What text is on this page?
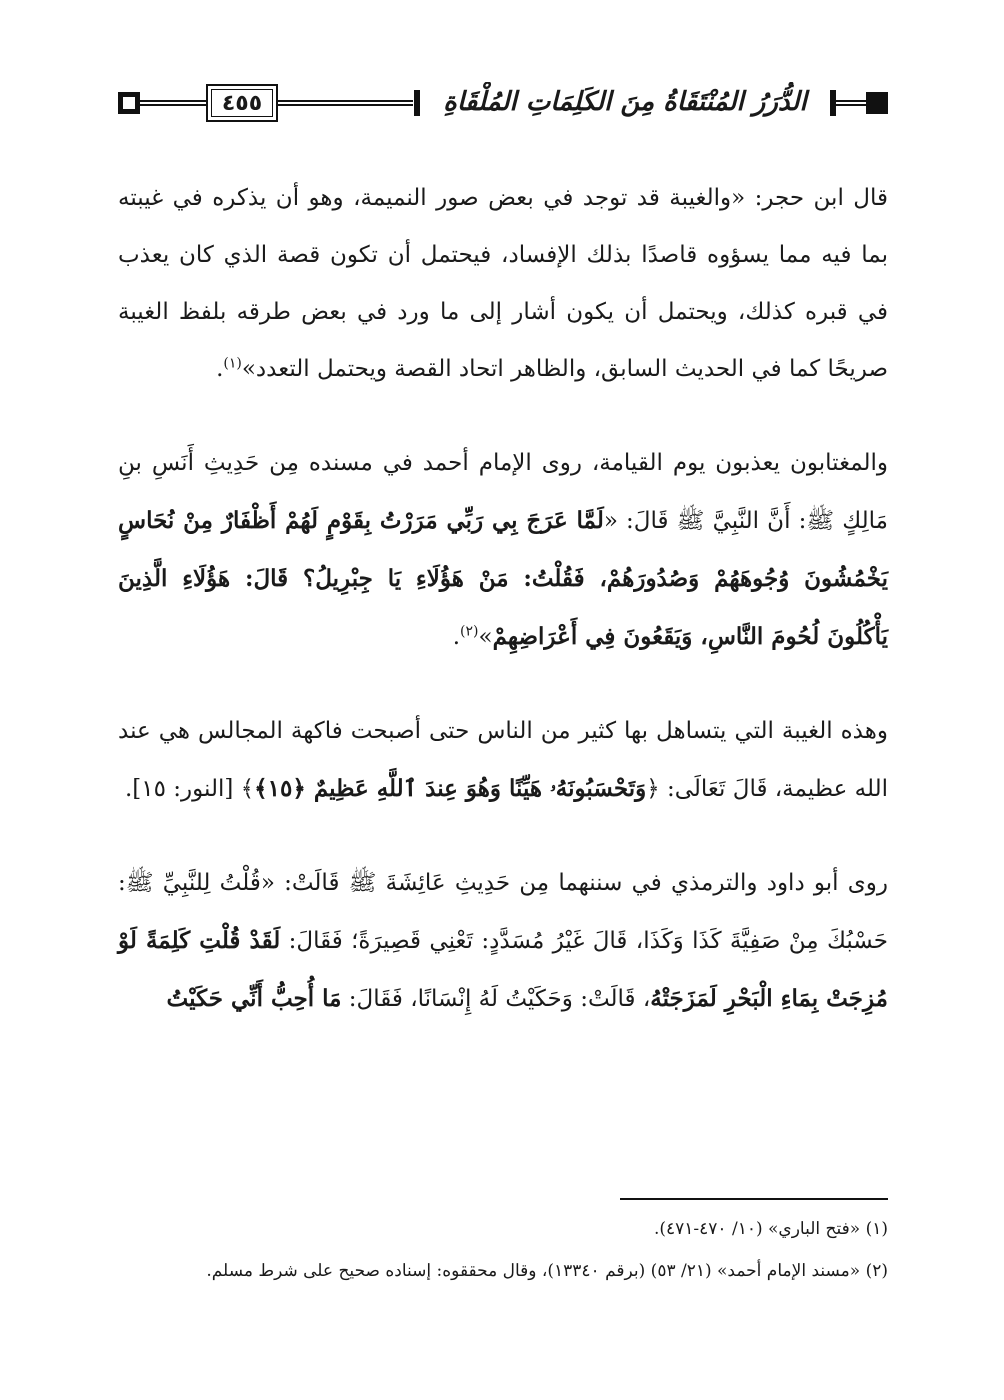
٤٥٥	الدُّرَرُ المُنْتَقَاةُ مِنَ الكَلِمَاتِ المُلْقَاةِ

قال ابن حجر: «والغيبة قد توجد في بعض صور النميمة، وهو أن يذكره في غيبته بما فيه مما يسؤوه قاصدًا بذلك الإفساد، فيحتمل أن تكون قصة الذي كان يعذب في قبره كذلك، ويحتمل أن يكون أشار إلى ما ورد في بعض طرقه بلفظ الغيبة صريحًا كما في الحديث السابق، والظاهر اتحاد القصة ويحتمل التعدد»$^{(١)}$.

والمغتابون يعذبون يوم القيامة، روى الإمام أحمد في مسنده مِن حَدِيثِ أَنَسِ بنِ مَالِكٍ ﷺ: أَنَّ النَّبِيَّ ﷺ قَالَ: «لَمَّا عَرَجَ بِي رَبِّي مَرَرْتُ بِقَوْمٍ لَهُمْ أَظْفَارٌ مِنْ نُحَاسٍ يَخْمُشُونَ وُجُوهَهُمْ وَصُدُورَهُمْ، فَقُلْتُ: مَنْ هَؤُلَاءِ يَا جِبْرِيلُ؟ قَالَ: هَؤُلَاءِ الَّذِينَ يَأْكُلُونَ لُحُومَ النَّاسِ، وَيَقَعُونَ فِي أَعْرَاضِهِمْ»$^{(٢)}$.

وهذه الغيبة التي يتساهل بها كثير من الناس حتى أصبحت فاكهة المجالس هي عند الله عظيمة، قَالَ تَعَالَى: ﴿وَتَحْسَبُونَهُۥ هَيِّنًا وَهُوَ عِندَ ٱللَّهِ عَظِيمٌ ﴿١٥﴾﴾ [النور: ١٥].

روى أبو داود والترمذي في سننهما مِن حَدِيثِ عَائِشَةَ ﷺ قَالَتْ: «قُلْتُ لِلنَّبِيِّ ﷺ: حَسْبُكَ مِنْ صَفِيَّةَ كَذَا وَكَذَا، قَالَ غَيْرُ مُسَدَّدٍ: تَعْنِي قَصِيرَةً؛ فَقَالَ: لَقَدْ قُلْتِ كَلِمَةً لَوْ مُزِجَتْ بِمَاءِ الْبَحْرِ لَمَزَجَتْهُ، قَالَتْ: وَحَكَيْتُ لَهُ إِنْسَانًا، فَقَالَ: مَا أُحِبُّ أَنِّي حَكَيْتُ

(١) «فتح الباري» (١٠/ ٤٧٠-٤٧١).

(٢) «مسند الإمام أحمد» (٢١/ ٥٣) (برقم ١٣٣٤٠)، وقال محققوه: إسناده صحيح على شرط مسلم.
